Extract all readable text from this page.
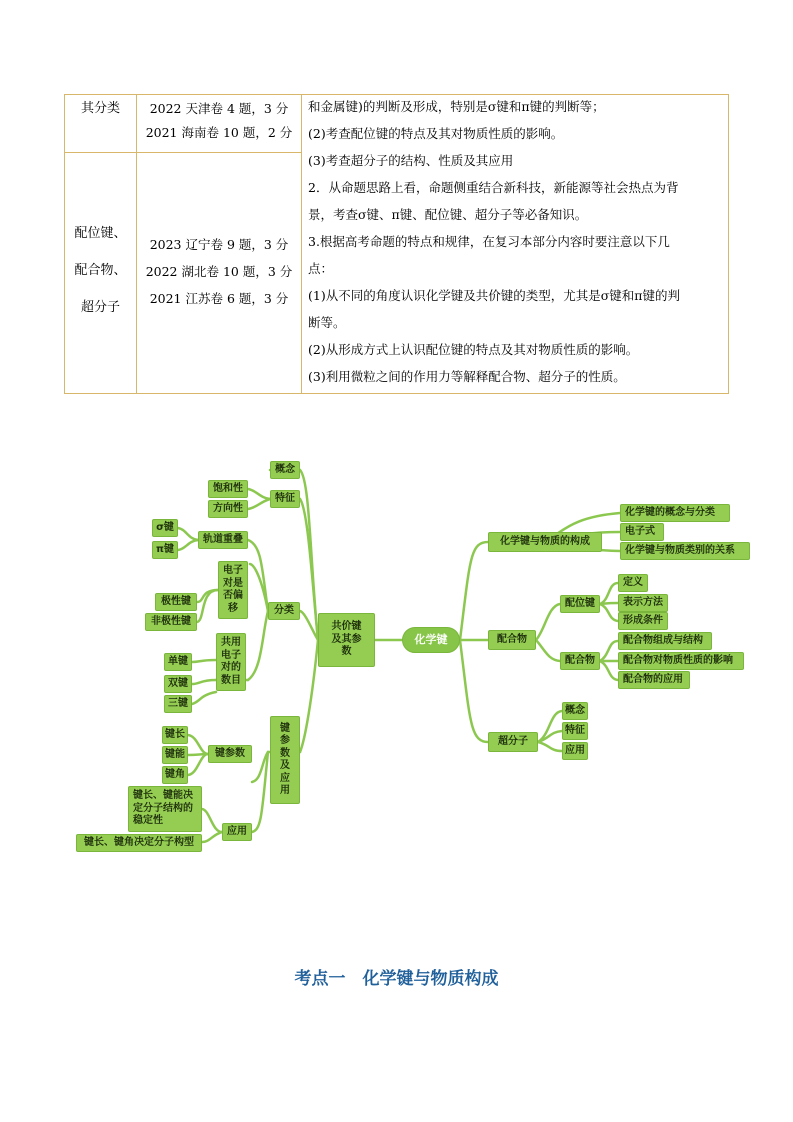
其分类	2022 天津卷 4 题，3 分
2021 海南卷 10 题，2 分
配位键、
配合物、
超分子
2023 辽宁卷 9 题，3 分
2022 湖北卷 10 题，3 分
2021 江苏卷 6 题，3 分

和金属键)的判断及形成，特别是σ键和π键的判断等；

(2)考查配位键的特点及其对物质性质的影响。

(3)考查超分子的结构、性质及其应用

2．从命题思路上看，命题侧重结合新科技，新能源等社会热点为背

景，考查σ键、π键、配位键、超分子等必备知识。

3.根据高考命题的特点和规律，在复习本部分内容时要注意以下几

点：

(1)从不同的角度认识化学键及共价键的类型，尤其是σ键和π键的判

断等。

(2)从形成方式上认识配位键的特点及其对物质性质的影响。

(3)利用微粒之间的作用力等解释配合物、超分子的性质。

化学键
共价键
及其参
数
概念
特征
饱和性
方向性
分类
轨道重叠
σ键
π键
电子
对是
否偏
移
极性键
非极性键
共用
电子
对的
数目
单键
双键
三键
键
参
数
及
应
用
键参数
键长
键能
键角
应用
键长、键能决
定分子结构的
稳定性
键长、键角决定分子构型
化学键与物质的构成
化学键的概念与分类
电子式
化学键与物质类别的关系
配合物
配位键
定义
表示方法
形成条件
配合物
配合物组成与结构
配合物对物质性质的影响
配合物的应用
超分子
概念
特征
应用
考点一　化学键与物质构成
